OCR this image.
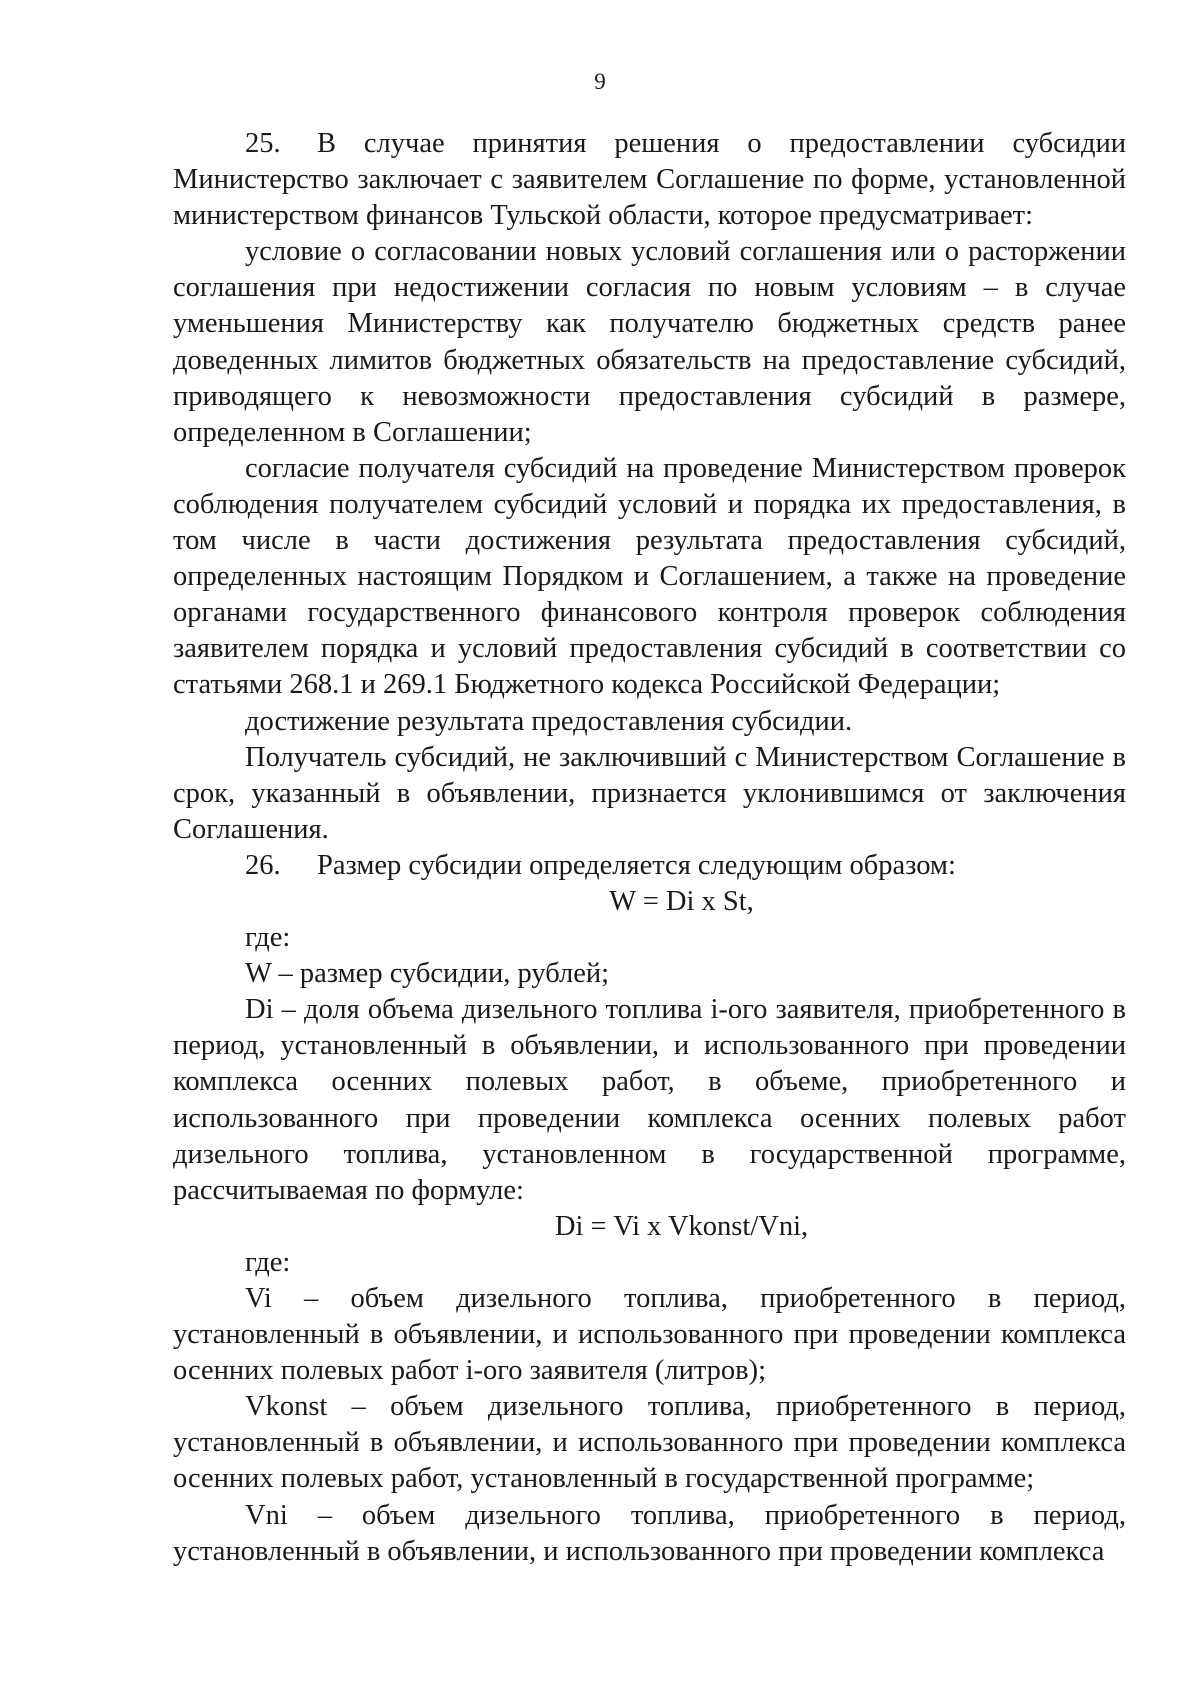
9

25. В случае принятия решения о предоставлении субсидии Министерство заключает с заявителем Соглашение по форме, установленной министерством финансов Тульской области, которое предусматривает:

условие о согласовании новых условий соглашения или о расторжении соглашения при недостижении согласия по новым условиям – в случае уменьшения Министерству как получателю бюджетных средств ранее доведенных лимитов бюджетных обязательств на предоставление субсидий, приводящего к невозможности предоставления субсидий в размере, определенном в Соглашении;

согласие получателя субсидий на проведение Министерством проверок соблюдения получателем субсидий условий и порядка их предоставления, в том числе в части достижения результата предоставления субсидий, определенных настоящим Порядком и Соглашением, а также на проведение органами государственного финансового контроля проверок соблюдения заявителем порядка и условий предоставления субсидий в соответствии со статьями 268.1 и 269.1 Бюджетного кодекса Российской Федерации;

достижение результата предоставления субсидии.

Получатель субсидий, не заключивший с Министерством Соглашение в срок, указанный в объявлении, признается уклонившимся от заключения Соглашения.

26. Размер субсидии определяется следующим образом:

W = Di x St,

где:

W – размер субсидии, рублей;

Di – доля объема дизельного топлива i-ого заявителя, приобретенного в период, установленный в объявлении, и использованного при проведении комплекса осенних полевых работ, в объеме, приобретенного и использованного при проведении комплекса осенних полевых работ дизельного топлива, установленном в государственной программе, рассчитываемая по формуле:

Di = Vi x Vkonst/Vni,

где:

Vi – объем дизельного топлива, приобретенного в период, установленный в объявлении, и использованного при проведении комплекса осенних полевых работ i-ого заявителя (литров);

Vkonst – объем дизельного топлива, приобретенного в период, установленный в объявлении, и использованного при проведении комплекса осенних полевых работ, установленный в государственной программе;

Vni – объем дизельного топлива, приобретенного в период, установленный в объявлении, и использованного при проведении комплекса
